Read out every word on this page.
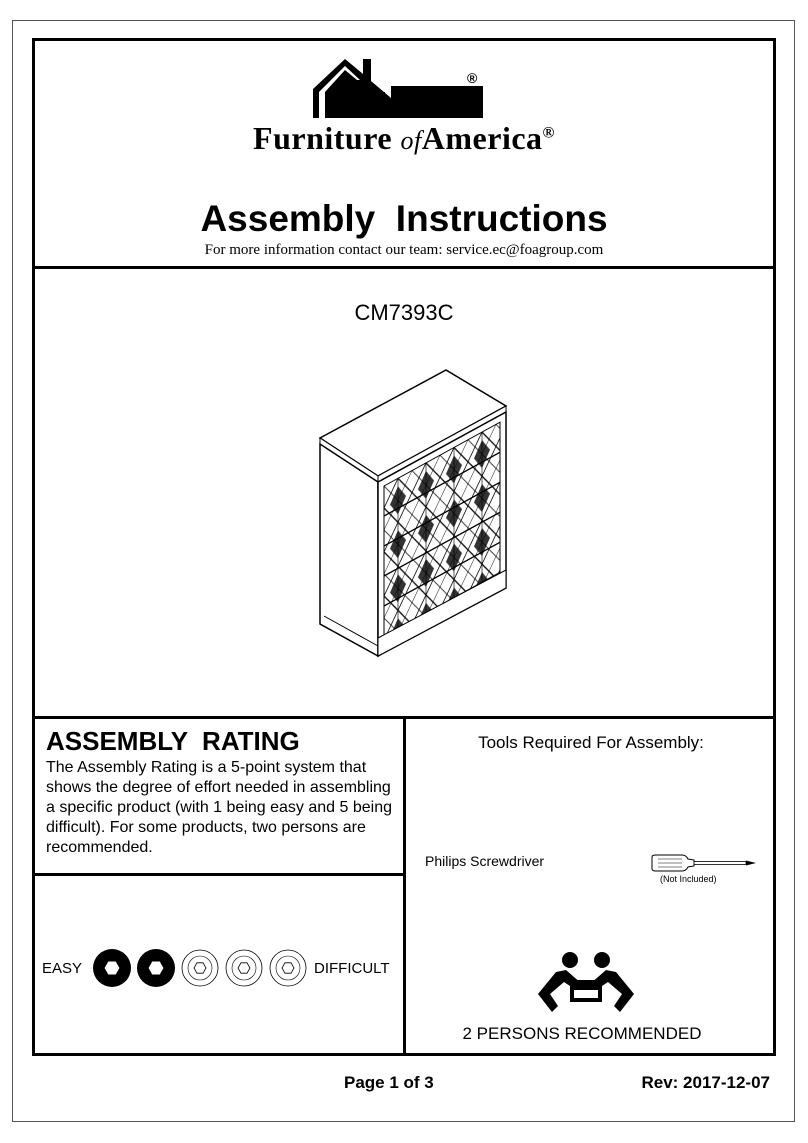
®
Furniture ofAmerica®
Assembly  Instructions
For more information contact our team: service.ec@foagroup.com
CM7393C
ASSEMBLY  RATING
The Assembly Rating is a 5-point system that shows the degree of effort needed in assembling a specific product (with 1 being easy and 5 being difficult). For some products, two persons are recommended.
EASY	DIFFICULT
Tools Required For Assembly:
Philips Screwdriver
(Not Included)
2 PERSONS RECOMMENDED
Page 1 of 3	Rev: 2017-12-07
